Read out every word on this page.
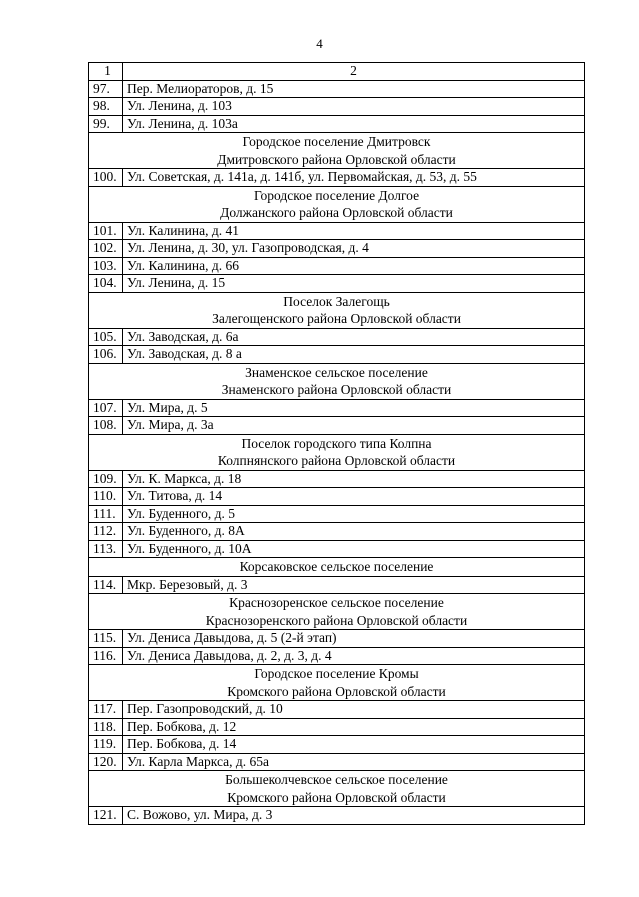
4
1	2
97.	Пер. Мелиораторов, д. 15
98.	Ул. Ленина, д. 103
99.	Ул. Ленина, д. 103а

Городское поселение Дмитровск
Дмитровского района Орловской области	

100.	Ул. Советская, д. 141а, д. 141б, ул. Первомайская, д. 53, д. 55

Городское поселение Долгое
Должанского района Орловской области	

101.	Ул. Калинина, д. 41
102.	Ул. Ленина, д. 30, ул. Газопроводская, д. 4
103.	Ул. Калинина, д. 66
104.	Ул. Ленина, д. 15

Поселок Залегощь
Залегощенского района Орловской области	

105.	Ул. Заводская, д. 6а
106.	Ул. Заводская, д. 8 а

Знаменское сельское поселение
Знаменского района Орловской области	

107.	Ул. Мира, д. 5
108.	Ул. Мира, д. 3а

Поселок городского типа Колпна
Колпнянского района Орловской области	

109.	Ул. К. Маркса, д. 18
110.	Ул. Титова, д. 14
111.	Ул. Буденного, д. 5
112.	Ул. Буденного, д. 8А
113.	Ул. Буденного, д. 10А

Корсаковское сельское поселение	

114.	Мкр. Березовый, д. 3

Краснозоренское сельское поселение
Краснозоренского района Орловской области	

115.	Ул. Дениса Давыдова, д. 5 (2-й этап)
116.	Ул. Дениса Давыдова, д. 2, д. 3, д. 4

Городское поселение Кромы
Кромского района Орловской области	

117.	Пер. Газопроводский, д. 10
118.	Пер. Бобкова, д. 12
119.	Пер. Бобкова, д. 14
120.	Ул. Карла Маркса, д. 65а

Большеколчевское сельское поселение
Кромского района Орловской области	

121.	С. Вожово, ул. Мира, д. 3
